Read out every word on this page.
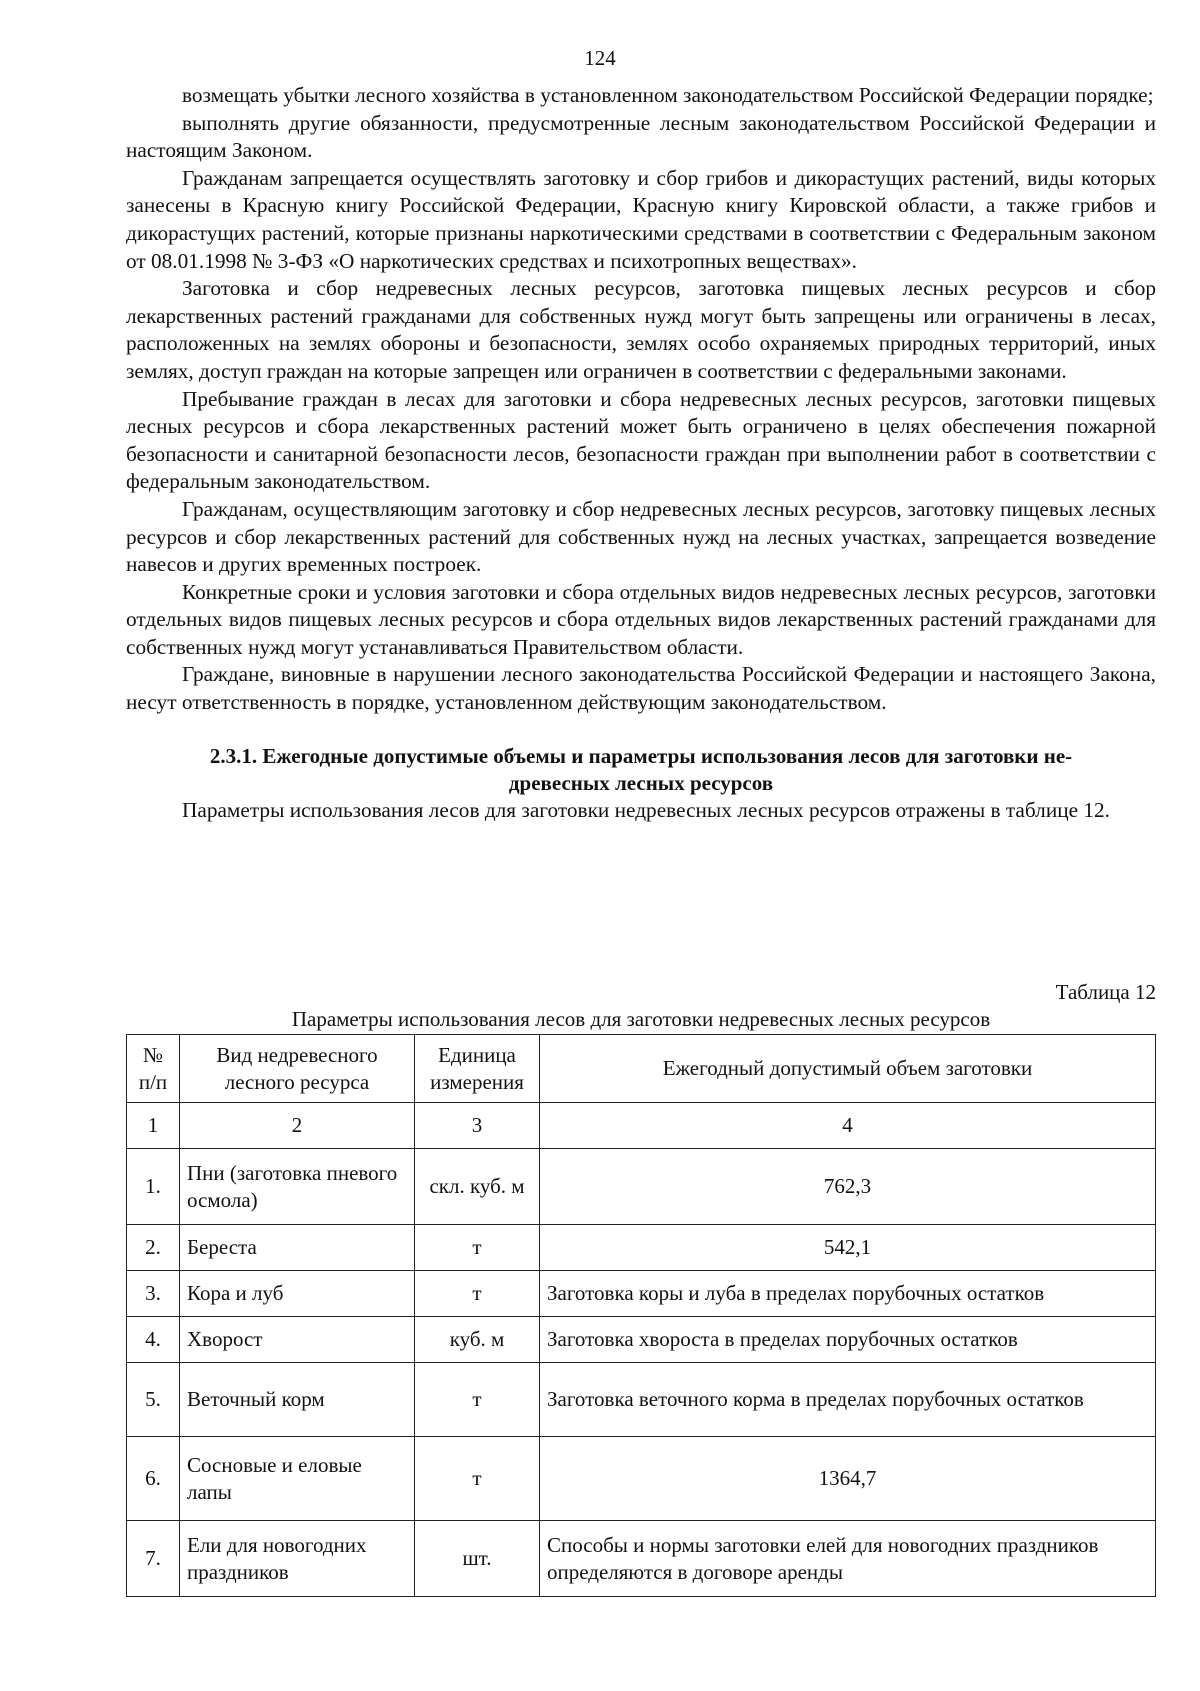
124

возмещать убытки лесного хозяйства в установленном законодательством Российской Федерации порядке;

выполнять другие обязанности, предусмотренные лесным законодательством Российской Федерации и настоящим Законом.

Гражданам запрещается осуществлять заготовку и сбор грибов и дикорастущих растений, виды которых занесены в Красную книгу Российской Федерации, Красную книгу Кировской области, а также грибов и дикорастущих растений, которые признаны наркотическими средствами в соответствии с Федеральным законом от 08.01.1998 № 3-ФЗ «О наркотических средствах и психотропных веществах».

Заготовка и сбор недревесных лесных ресурсов, заготовка пищевых лесных ресурсов и сбор лекарственных растений гражданами для собственных нужд могут быть запрещены или ограничены в лесах, расположенных на землях обороны и безопасности, землях особо охраняемых природных территорий, иных землях, доступ граждан на которые запрещен или ограничен в соответствии с федеральными законами.

Пребывание граждан в лесах для заготовки и сбора недревесных лесных ресурсов, заготовки пищевых лесных ресурсов и сбора лекарственных растений может быть ограничено в целях обеспечения пожарной безопасности и санитарной безопасности лесов, безопасности граждан при выполнении работ в соответствии с федеральным законодательством.

Гражданам, осуществляющим заготовку и сбор недревесных лесных ресурсов, заготовку пищевых лесных ресурсов и сбор лекарственных растений для собственных нужд на лесных участках, запрещается возведение навесов и других временных построек.

Конкретные сроки и условия заготовки и сбора отдельных видов недревесных лесных ресурсов, заготовки отдельных видов пищевых лесных ресурсов и сбора отдельных видов лекарственных растений гражданами для собственных нужд могут устанавливаться Правительством области.

Граждане, виновные в нарушении лесного законодательства Российской Федерации и настоящего Закона, несут ответственность в порядке, установленном действующим законодательством.

2.3.1. Ежегодные допустимые объемы и параметры использования лесов для заготовки не-
древесных лесных ресурсов

Параметры использования лесов для заготовки недревесных лесных ресурсов отражены в таблице 12.

Таблица 12
Параметры использования лесов для заготовки недревесных лесных ресурсов
№ п/п	Вид недревесного лесного ресурса	Единица измерения	Ежегодный допустимый объем заготовки
1	2	3	4
1.	Пни (заготовка пневого осмола)	скл. куб. м	762,3
2.	Береста	т	542,1
3.	Кора и луб	т	Заготовка коры и луба в пределах порубочных остатков
4.	Хворост	куб. м	Заготовка хвороста в пределах порубочных остатков
5.	Веточный корм	т	Заготовка веточного корма в пределах порубочных остатков
6.	Сосновые и еловые лапы	т	1364,7
7.	Ели для новогодних праздников	шт.	Способы и нормы заготовки елей для новогодних праздников определяются в договоре аренды
